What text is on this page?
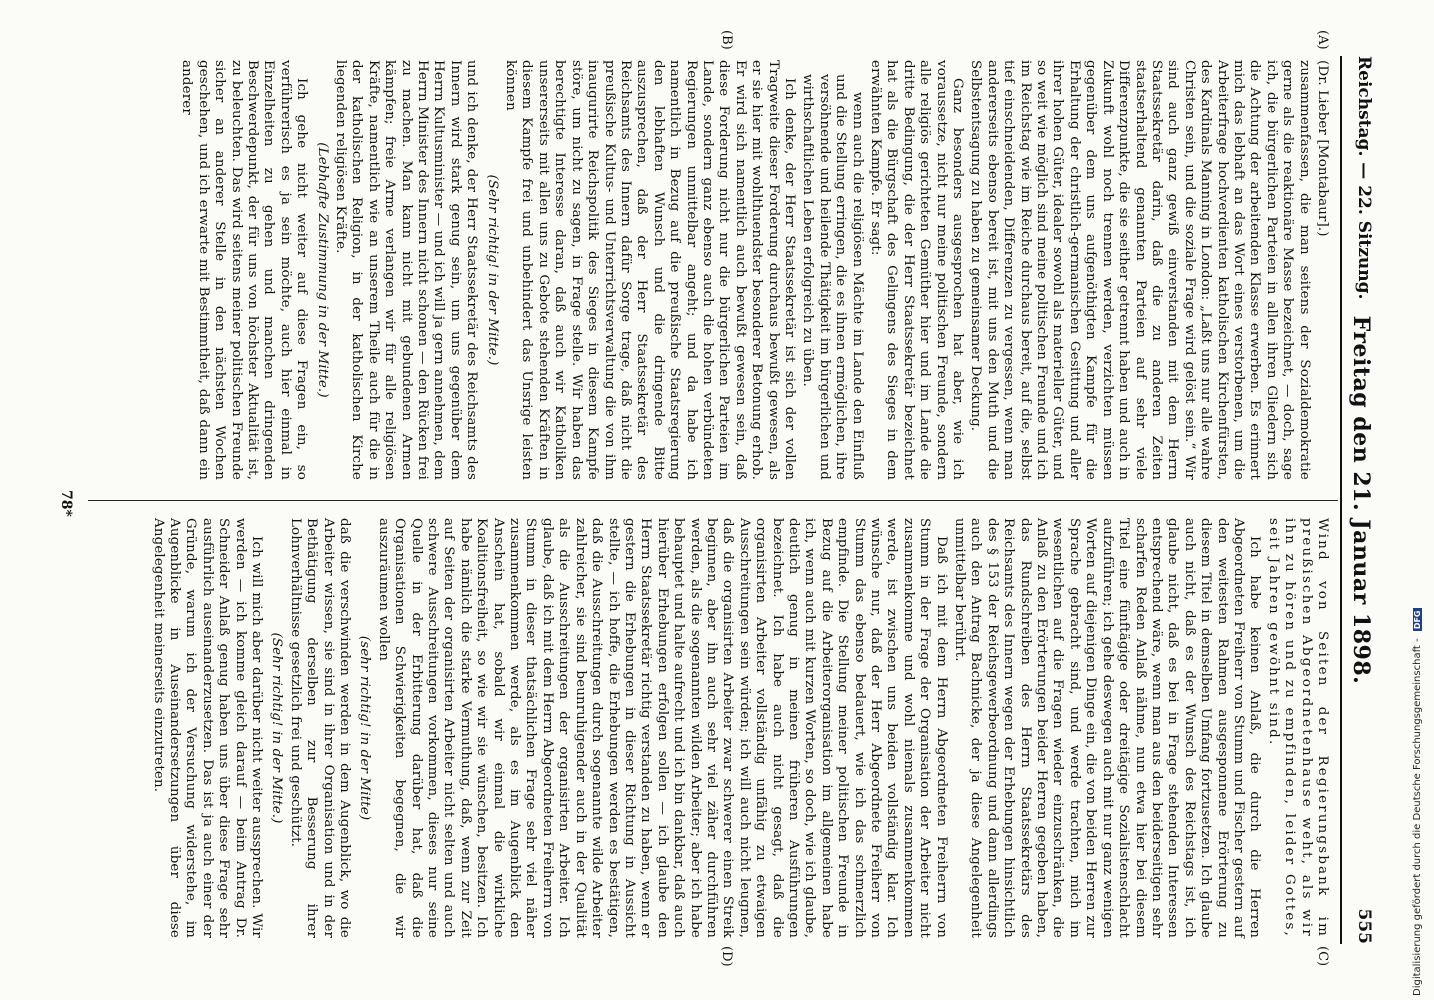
Reichstag. — 22. Sitzung.
Freitag den 21. Januar 1898.
555
(A)
(B)
(C)
(D)

(Dr. Lieber [Montabaur].)

zusammenfassen, die man seitens der Sozialdemokratie gerne als die reaktionäre Masse bezeichnet, — doch, sage ich, die bürgerlichen Parteien in allen ihren Gliedern sich die Achtung der arbeitenden Klasse erwerben. Es erinnert mich das lebhaft an das Wort eines verstorbenen, um die Arbeiterfrage hochverdienten katholischen Kirchenfürsten, des Kardinals Manning in London: „Laßt uns nur alle wahre Christen sein, und die soziale Frage wird gelöst sein.“ Wir sind auch ganz gewiß einverstanden mit dem Herrn Staatssekretär darin, daß die zu anderen Zeiten staatserhaltend genannten Parteien auf sehr viele Differenzpunkte, die sie seither getrennt haben und auch in Zukunft wohl noch trennen werden, verzichten müssen gegenüber dem uns aufgenöthigten Kampfe für die Erhaltung der christlich-germanischen Gesittung und aller ihrer hohen Güter, idealer sowohl als materieller Güter, und so weit wie möglich sind meine politischen Freunde und ich im Reichstag wie im Reiche durchaus bereit, auf die, selbst tief einschneidenden, Differenzen zu vergessen, wenn man andererseits ebenso bereit ist, mit uns den Muth und die Selbstentsagung zu haben zu gemeinsamer Deckung.

Ganz besonders ausgesprochen hat aber, wie ich voraussetze, nicht nur meine politischen Freunde, sondern alle religiös gerichteten Gemüther hier und im Lande die dritte Bedingung, die der Herr Staatssekretär bezeichnet hat als die Bürgschaft des Gelingens des Sieges in dem erwähnten Kampfe. Er sagt:

wenn auch die religiösen Mächte im Lande den Einfluß und die Stellung erringen, die es ihnen ermöglichen, ihre versöhnende und heilende Thätigkeit im bürgerlichen und wirthschaftlichen Leben erfolgreich zu üben.

Ich denke, der Herr Staatssekretär ist sich der vollen Tragweite dieser Forderung durchaus bewußt gewesen, als er sie hier mit wohlthuendster besonderer Betonung erhob. Er wird sich namentlich auch bewußt gewesen sein, daß diese Forderung nicht nur die bürgerlichen Parteien im Lande, sondern ganz ebenso auch die hohen verbündeten Regierungen unmittelbar angeht; und da habe ich namentlich in Bezug auf die preußische Staatsregierung den lebhaften Wunsch und die dringende Bitte auszusprechen, daß der Herr Staatssekretär des Reichsamts des Innern dafür Sorge trage, daß nicht die preußische Kultus- und Unterrichtsverwaltung die von ihm inaugurirte Reichspolitik des Sieges in diesem Kampfe störe, um nicht zu sagen, in Frage stelle. Wir haben das berechtigte Interesse daran, daß auch wir Katholiken unsererseits mit allen uns zu Gebote stehenden Kräften in diesem Kampfe frei und unbehindert das Unsrige leisten können

(Sehr richtig! in der Mitte.)

und ich denke, der Herr Staatssekretär des Reichsamts des Innern wird stark genug sein, um uns gegenüber dem Herrn Kultusminister — und ich will ja gern annehmen, dem Herrn Minister des Innern nicht schonen — den Rücken frei zu machen. Man kann nicht mit gebundenen Armen kämpfen; freie Arme verlangen wir für alle religiösen Kräfte, namentlich wie an unserem Theile auch für die in der katholischen Religion, in der katholischen Kirche liegenden religiösen Kräfte.

(Lebhafte Zustimmung in der Mitte.)

Ich gehe nicht weiter auf diese Fragen ein, so verführerisch es ja sein möchte, auch hier einmal in Einzelheiten zu gehen und manchen dringenden Beschwerdepunkt, der für uns von höchster Aktualität ist, zu beleuchten. Das wird seitens meiner politischen Freunde sicher an anderer Stelle in den nächsten Wochen geschehen, und ich erwarte mit Bestimmtheit, daß dann ein anderer

Wind von Seiten der Regierungsbank im preußischen Abgeordnetenhause weht, als wir ihn zu hören und zu empfinden, leider Gottes, seit Jahren gewöhnt sind.

Ich habe keinen Anlaß, die durch die Herren Abgeordneten Freiherr von Stumm und Fischer gestern auf den weitesten Rahmen ausgesponnene Erörterung zu diesem Titel in demselben Umfang fortzusetzen. Ich glaube auch nicht, daß es der Wunsch des Reichstags ist, ich glaube nicht, daß es bei in Frage stehenden Interessen entsprechend wäre, wenn man aus den beiderseitigen sehr scharfen Reden Anlaß nähme, nun etwa hier bei diesem Titel eine fünftägige oder dreitägige Sozialistenschlacht aufzuführen; ich gehe deswegen auch mit nur ganz wenigen Worten auf diejenigen Dinge ein, die von beiden Herren zur Sprache gebracht sind, und werde trachten, mich im wesentlichen auf die Fragen wieder einzuschränken, die Anlaß zu den Erörterungen beider Herren gegeben haben, das Rundschreiben des Herrn Staatssekretärs des Reichsamts des Innern wegen der Erhebungen hinsichtlich des § 153 der Reichsgewerbeordnung und dann allerdings auch den Antrag Bachnicke, der ja diese Angelegenheit unmittelbar berührt.

Daß ich mit dem Herrn Abgeordneten Freiherrn von Stumm in der Frage der Organisation der Arbeiter nicht zusammenkomme und wohl niemals zusammenkommen werde, ist zwischen uns beiden vollständig klar. Ich wünsche nur, daß der Herr Abgeordnete Freiherr von Stumm das ebenso bedauert, wie ich das schmerzlich empfinde. Die Stellung meiner politischen Freunde in Bezug auf die Arbeiterorganisation im allgemeinen habe ich, wenn auch mit kurzen Worten, so doch, wie ich glaube, deutlich genug in meinen früheren Ausführungen bezeichnet. Ich habe auch nicht gesagt, daß die organisirten Arbeiter vollständig unfähig zu etwaigen Ausschreitungen sein würden; ich will auch nicht leugnen, daß die organisirten Arbeiter zwar schwerer einen Streik beginnen, aber ihn auch sehr viel zäher durchführen werden, als die sogenannten wilden Arbeiter; aber ich habe behauptet und halte aufrecht und ich bin dankbar, daß auch hierüber Erhebungen erfolgen sollen — ich glaube den Herrn Staatssekretär richtig verstanden zu haben, wenn er gestern die Erhebungen in dieser Richtung in Aussicht stellte, — ich hoffe, die Erhebungen werden es bestätigen, daß die Ausschreitungen durch sogenannte wilde Arbeiter zahlreicher, sie sind beunruhigender auch in der Qualität als die Ausschreitungen der organisirten Arbeiter. Ich glaube, daß ich mit dem Herrn Abgeordneten Freiherrn von Stumm in dieser thatsächlichen Frage sehr viel näher zusammenkommen werde, als es im Augenblick den Anschein hat, sobald wir einmal die wirkliche Koalitionsfreiheit, so wie wir sie wünschen, besitzen. Ich habe nämlich die starke Vermuthung, daß, wenn zur Zeit auf Seiten der organisirten Arbeiter nicht selten und auch schwere Ausschreitungen vorkommen, dieses nur seine Quelle in der Erbitterung darüber hat, daß die Organisationen Schwierigkeiten begegnen, die wir auszuräumen wollen

(sehr richtig! in der Mitte)

daß die verschwinden werden in dem Augenblick, wo die Arbeiter wissen, sie sind in ihrer Organisation und in der Bethätigung derselben zur Besserung ihrer Lohnverhältnisse gesetzlich frei und geschützt.

(Sehr richtig! in der Mitte.)

Ich will mich aber darüber nicht weiter aussprechen. Wir werden — ich komme gleich darauf — beim Antrag Dr. Schneider Anlaß genug haben uns über diese Frage sehr ausführlich auseinanderzusetzen. Das ist ja auch einer der Gründe, warum ich der Versuchung widerstehe, im Augenblicke in Auseinandersetzungen über diese Angelegenheit meinerseits einzutreten.

78*
Digitalisierung gefördert durch die Deutsche Forschungsgemeinschaft - DFG
